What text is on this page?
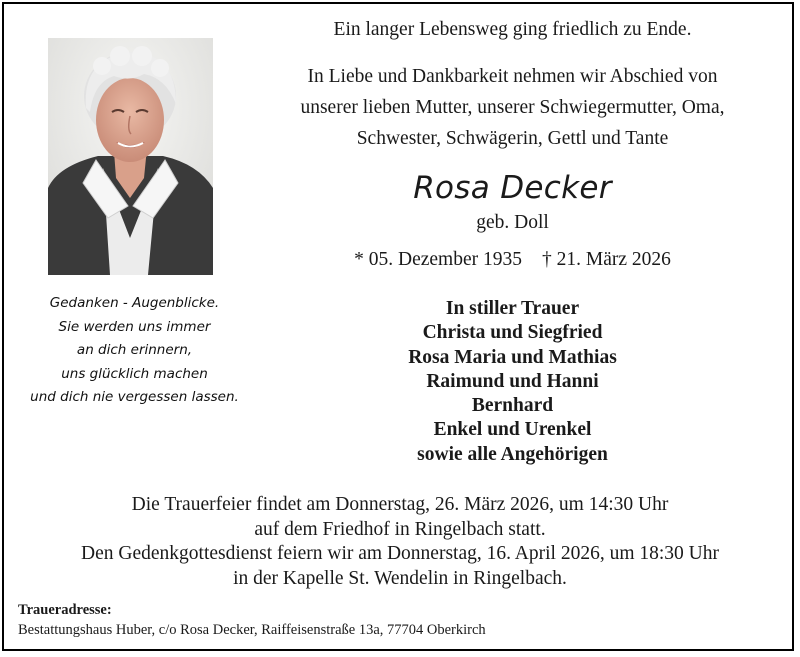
Gedanken - Augenblicke.
Sie werden uns immer
an dich erinnern,
uns glücklich machen
und dich nie vergessen lassen.
Ein langer Lebensweg ging friedlich zu Ende.
In Liebe und Dankbarkeit nehmen wir Abschied von
unserer lieben Mutter, unserer Schwiegermutter, Oma,
Schwester, Schwägerin, Gettl und Tante
Rosa Decker
geb. Doll
* 05. Dezember 1935 † 21. März 2026
In stiller Trauer
Christa und Siegfried
Rosa Maria und Mathias
Raimund und Hanni
Bernhard
Enkel und Urenkel
sowie alle Angehörigen
Die Trauerfeier findet am Donnerstag, 26. März 2026, um 14:30 Uhr
auf dem Friedhof in Ringelbach statt.
Den Gedenkgottesdienst feiern wir am Donnerstag, 16. April 2026, um 18:30 Uhr
in der Kapelle St. Wendelin in Ringelbach.
Traueradresse:
Bestattungshaus Huber, c/o Rosa Decker, Raiffeisenstraße 13a, 77704 Oberkirch
